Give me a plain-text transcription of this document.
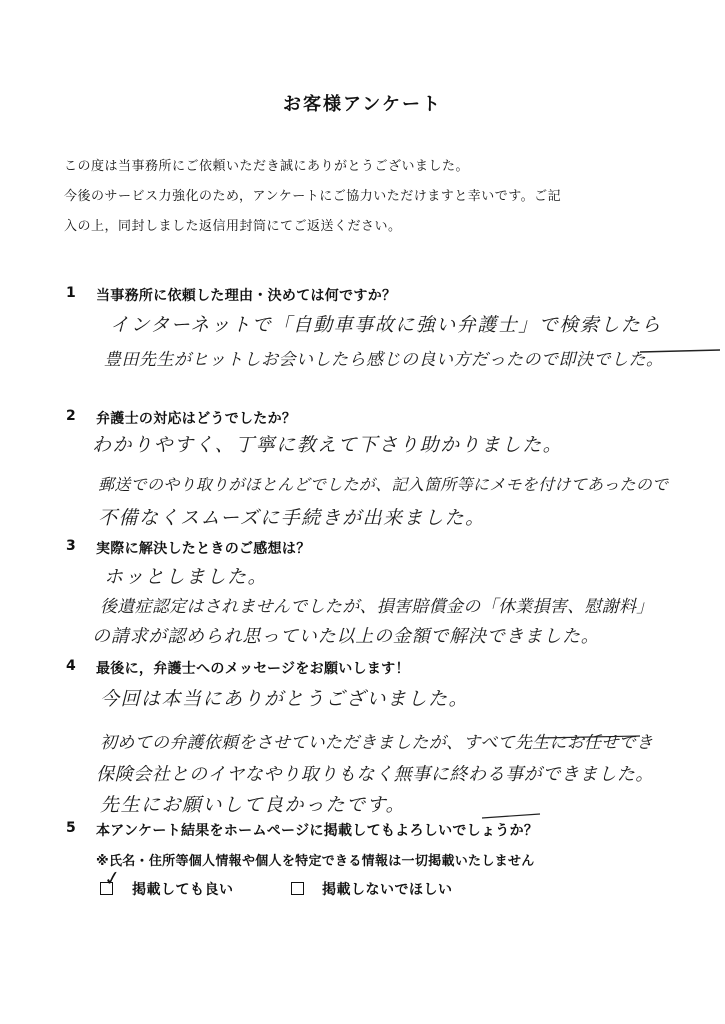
お客様アンケート
この度は当事務所にご依頼いただき誠にありがとうございました。
今後のサービス力強化のため，アンケートにご協力いただけますと幸いです。ご記
入の上，同封しました返信用封筒にてご返送ください。
1 当事務所に依頼した理由・決めては何ですか？
インターネットで「自動車事故に強い弁護士」で検索したら
豊田先生がヒットしお会いしたら感じの良い方だったので即決でした。
2 弁護士の対応はどうでしたか？
わかりやすく、丁寧に教えて下さり助かりました。
郵送でのやり取りがほとんどでしたが、記入箇所等にメモを付けてあったので
不備なくスムーズに手続きが出来ました。
3 実際に解決したときのご感想は？
ホッとしました。
後遺症認定はされませんでしたが、損害賠償金の「休業損害、慰謝料」
の請求が認められ思っていた以上の金額で解決できました。
4 最後に，弁護士へのメッセージをお願いします！
今回は本当にありがとうございました。
初めての弁護依頼をさせていただきましたが、すべて先生にお任せでき
保険会社とのイヤなやり取りもなく無事に終わる事ができました。
先生にお願いして良かったです。
5 本アンケート結果をホームページに掲載してもよろしいでしょうか？
※氏名・住所等個人情報や個人を特定できる情報は一切掲載いたしません
✓ 掲載しても良い	掲載しないでほしい
